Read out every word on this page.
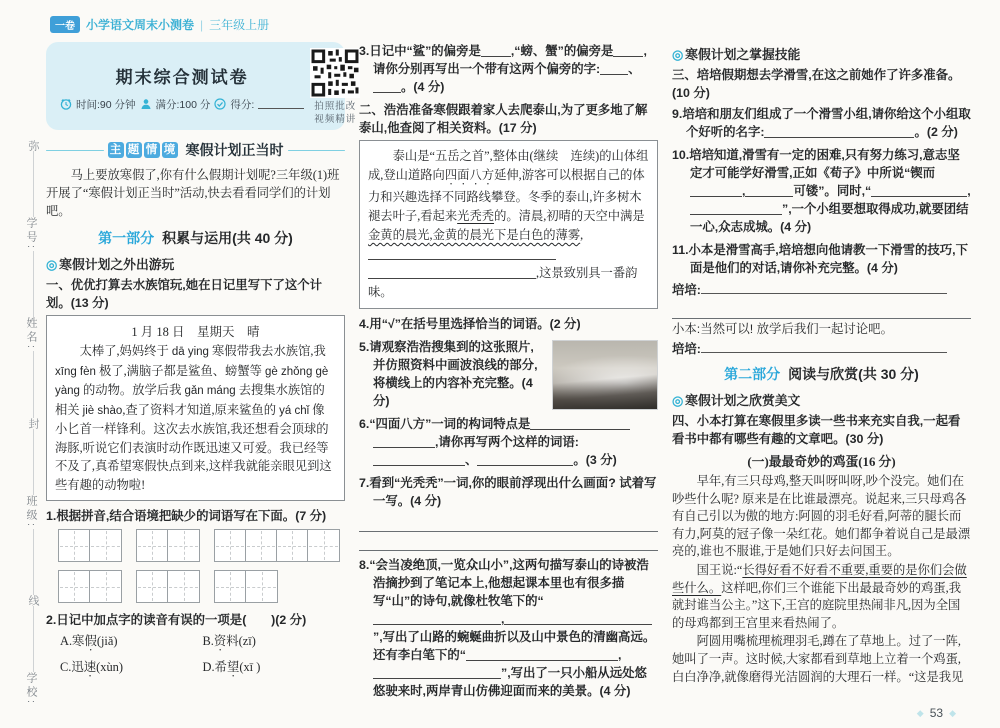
一卷 小学语文周末小测卷 | 三年级上册
弥
学号:
姓名:
封
班级:
线
学校:
期末综合测试卷
时间:90 分钟 满分:100 分 得分:	拍照批改
视频精讲
主 题 情 境 寒假计划正当时
马上要放寒假了,你有什么假期计划呢?三年级(1)班开展了“寒假计划正当时”活动,快去看看同学们的计划吧。
第一部分 积累与运用(共 40 分)
◎ 寒假计划之外出游玩
一、优优打算去水族馆玩,她在日记里写下了这个计划。(13 分)
1 月 18 日　星期天　晴
太棒了,妈妈终于 dā ying 寒假带我去水族馆,我 xīng fèn 极了,满脑子都是鲨鱼、螃蟹等 gè zhǒng gè yàng 的动物。放学后我 gǎn máng 去搜集水族馆的相关 jiè shào,查了资料才知道,原来鲨鱼的 yá chǐ 像小匕首一样锋利。这次去水族馆,我还想看会顶球的海豚,听说它们表演时动作既迅速又可爱。我已经等不及了,真希望寒假快点到来,这样我就能亲眼见到这些有趣的动物啦!
1.根据拼音,结合语境把缺少的词语写在下面。(7 分)
2.日记中加点字的读音有误的一项是(　　)(2 分)
A.寒假(jiǎ)	B.资料(zī)
C.迅速(xùn)	D.希望(xī )
3.日记中“鲨”的偏旁是 ,“螃、蟹”的偏旁是 ,请你分别再写出一个带有这两个偏旁的字: 、。(4 分)
二、浩浩准备寒假跟着家人去爬泰山,为了更多地了解泰山,他查阅了相关资料。(17 分)
泰山是“五岳之首”,整体由(继续　连续)的山体组成,登山道路向四面八方延伸,游客可以根据自己的体力和兴趣选择不同路线攀登。冬季的泰山,许多树木褪去叶子,看起来光秃秃的。清晨,初晴的天空中满是金黄的晨光,金黄的晨光下是白色的薄雾,,这景致别具一番韵味。
4.用“√”在括号里选择恰当的词语。(2 分)
5.请观察浩浩搜集到的这张照片,并仿照资料中画波浪线的部分,将横线上的内容补充完整。(4 分)
6.“四面八方”一词的构词特点是,请你再写两个这样的词语:、	。(3 分)
7.看到“光秃秃”一词,你的眼前浮现出什么画面? 试着写一写。(4 分)
8.“会当凌绝顶,一览众山小”,这两句描写泰山的诗被浩浩摘抄到了笔记本上,他想起课本里也有很多描写“山”的诗句,就像杜牧笔下的“,”,写出了山路的蜿蜒曲折以及山中景色的清幽高远。还有李白笔下的“	,”,写出了一只小船从远处悠悠驶来时,两岸青山仿佛迎面而来的美景。(4 分)
◎ 寒假计划之掌握技能
三、培培假期想去学滑雪,在这之前她作了许多准备。(10 分)
9.培培和朋友们组成了一个滑雪小组,请你给这个小组取个好听的名字:	。(2 分)
10.培培知道,滑雪有一定的困难,只有努力练习,意志坚定才可能学好滑雪,正如《荀子》中所说“锲而,	可镂”。同时,“	,”,一个小组要想取得成功,就要团结一心,众志成城。(4 分)
11.小本是滑雪高手,培培想向他请教一下滑雪的技巧,下面是他们的对话,请你补充完整。(4 分)
培培:
小本:当然可以! 放学后我们一起讨论吧。
培培:
第二部分 阅读与欣赏(共 30 分)
◎ 寒假计划之欣赏美文
四、小本打算在寒假里多读一些书来充实自我,一起看看书中都有哪些有趣的文章吧。(30 分)
(一)最最奇妙的鸡蛋(16 分)
早年,有三只母鸡,整天叫呀叫呀,吵个没完。她们在吵些什么呢? 原来是在比谁最漂亮。说起来,三只母鸡各有自己引以为傲的地方:阿圆的羽毛好看,阿蒂的腿长而有力,阿莫的冠子像一朵红花。她们都争着说自己是最漂亮的,谁也不服谁,于是她们只好去问国王。
国王说:“长得好看不好看不重要,重要的是你们会做些什么。这样吧,你们三个谁能下出最最奇妙的鸡蛋,我就封谁当公主。”这下,王宫的庭院里热闹非凡,因为全国的母鸡都到王宫里来看热闹了。
阿圆用嘴梳理梳理羽毛,蹲在了草地上。过了一阵,她叫了一声。这时候,大家都看到草地上立着一个鸡蛋,白白净净,就像磨得光洁圆润的大理石一样。“这是我见
◆ 53 ◆
